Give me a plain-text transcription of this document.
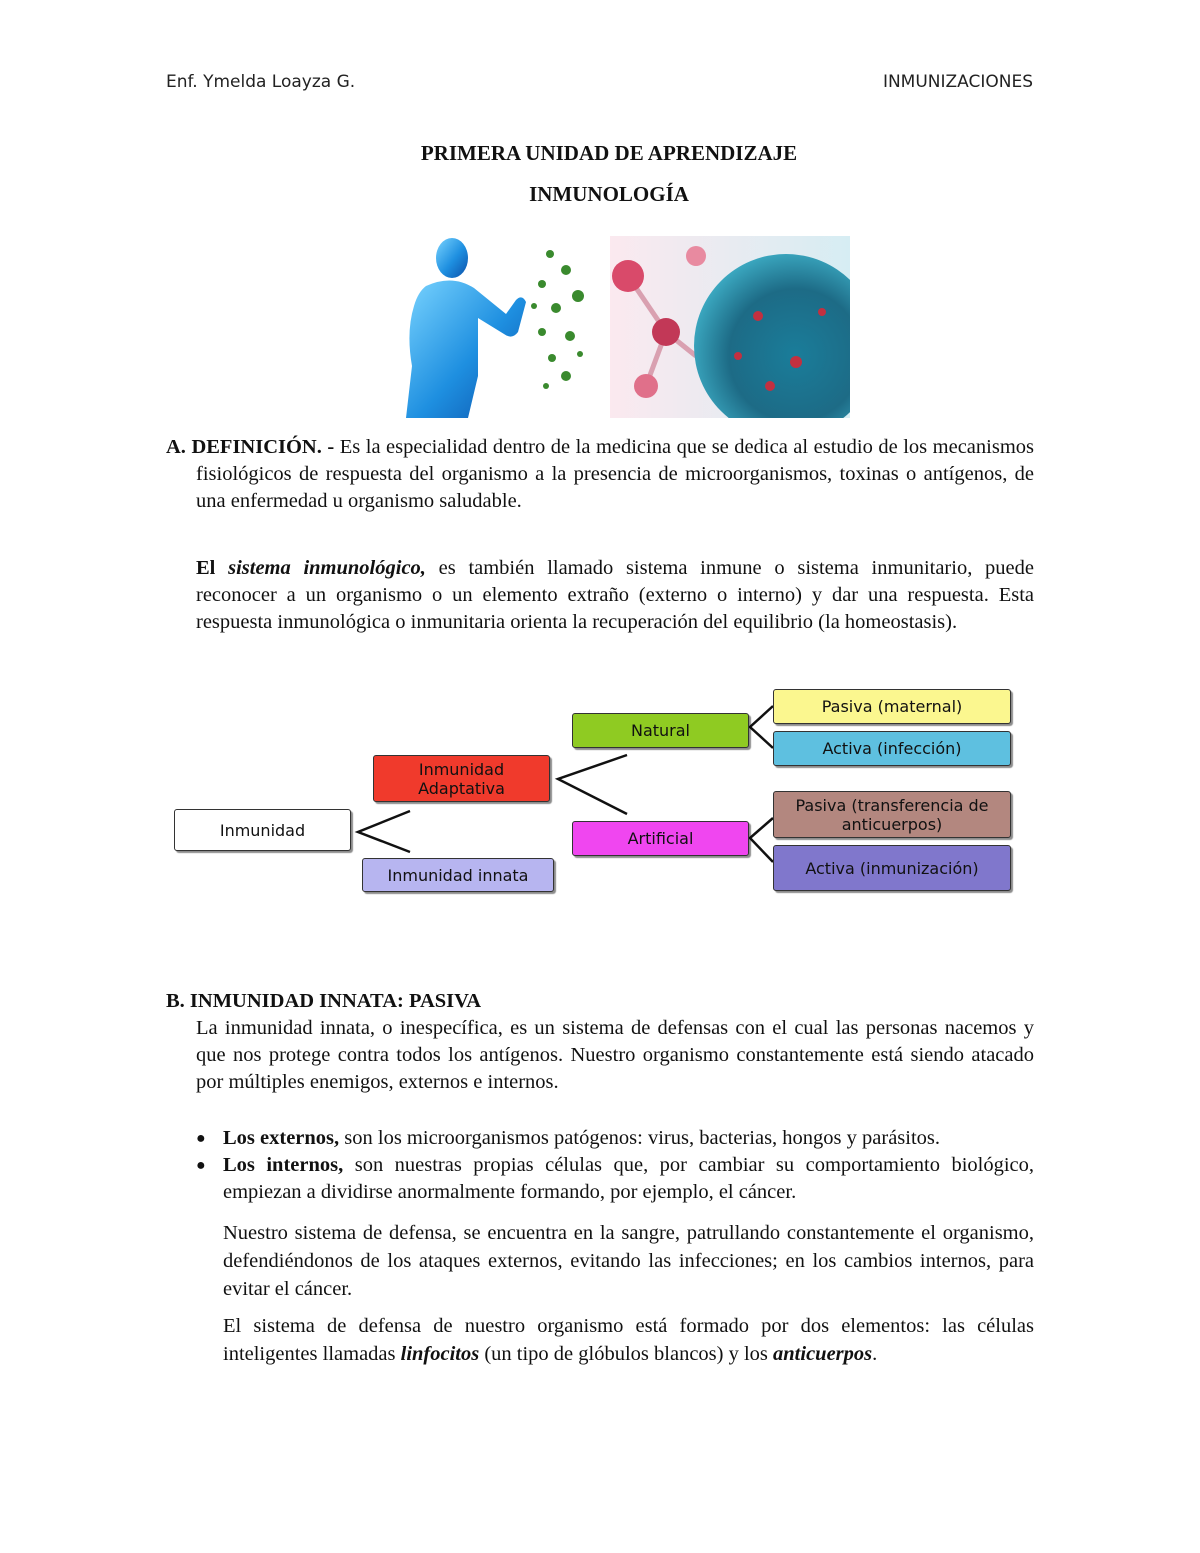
Enf. Ymelda Loayza G.	INMUNIZACIONES
PRIMERA UNIDAD DE APRENDIZAJE
INMUNOLOGÍA
A. DEFINICIÓN. - Es la especialidad dentro de la medicina que se dedica al estudio de los mecanismos fisiológicos de respuesta del organismo a la presencia de microorganismos, toxinas o antígenos, de una enfermedad u organismo saludable.
El sistema inmunológico, es también llamado sistema inmune o sistema inmunitario, puede reconocer a un organismo o un elemento extraño (externo o interno) y dar una respuesta. Esta respuesta inmunológica o inmunitaria orienta la recuperación del equilibrio (la homeostasis).
Inmunidad
Inmunidad Adaptativa
Inmunidad innata
Natural
Artificial
Pasiva (maternal)
Activa (infección)
Pasiva (transferencia de anticuerpos)
Activa (inmunización)
B. INMUNIDAD INNATA: PASIVA
La inmunidad innata, o inespecífica, es un sistema de defensas con el cual las personas nacemos y que nos protege contra todos los antígenos. Nuestro organismo constantemente está siendo atacado por múltiples enemigos, externos e internos.
● Los externos, son los microorganismos patógenos: virus, bacterias, hongos y parásitos.
● Los internos, son nuestras propias células que, por cambiar su comportamiento biológico, empiezan a dividirse anormalmente formando, por ejemplo, el cáncer.
Nuestro sistema de defensa, se encuentra en la sangre, patrullando constantemente el organismo, defendiéndonos de los ataques externos, evitando las infecciones; en los cambios internos, para evitar el cáncer.
El sistema de defensa de nuestro organismo está formado por dos elementos: las células inteligentes llamadas linfocitos (un tipo de glóbulos blancos) y los anticuerpos.
